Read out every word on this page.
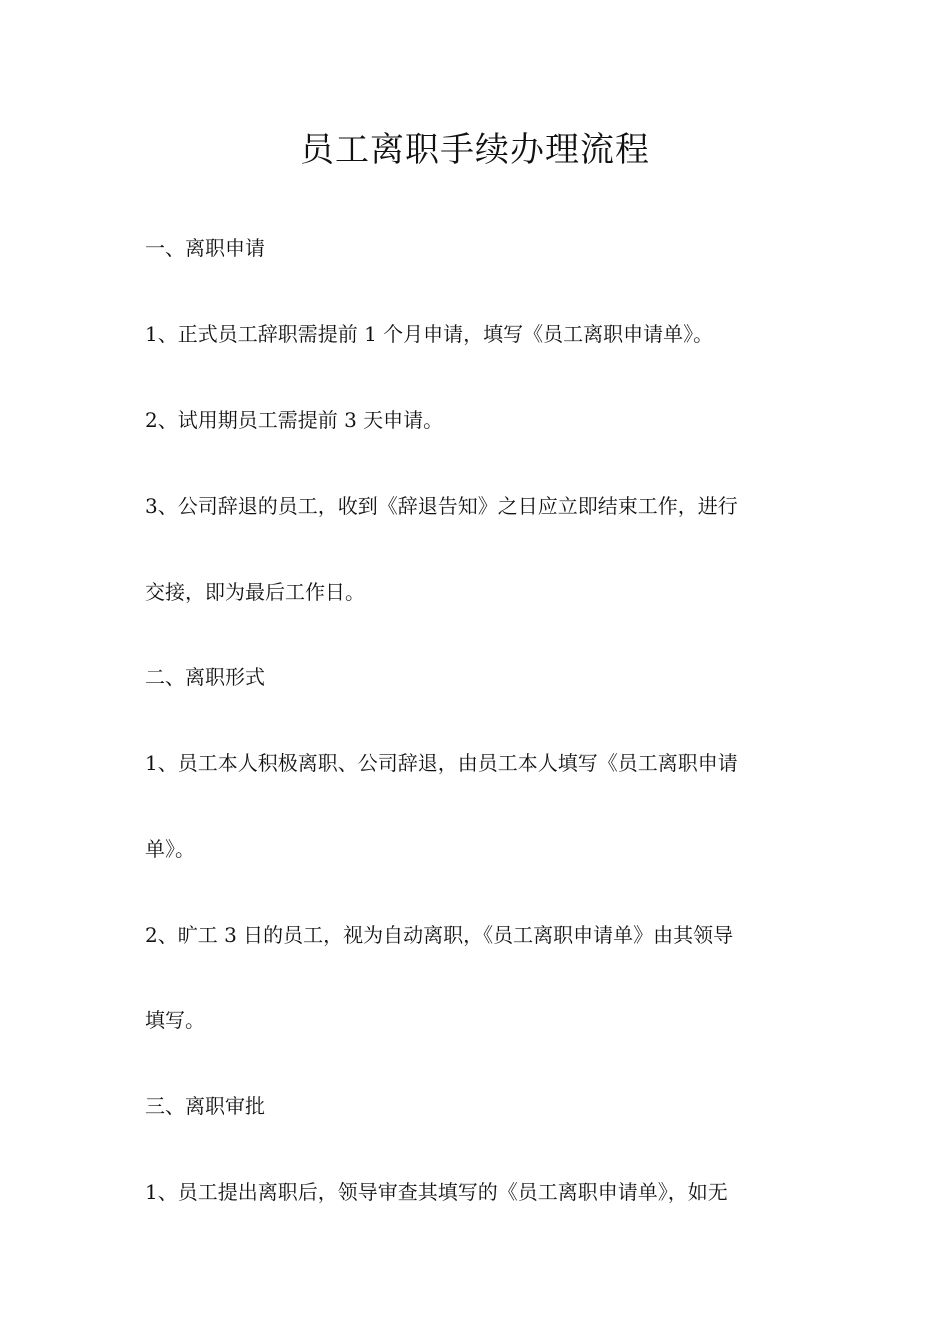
员工离职手续办理流程

一、离职申请

1、正式员工辞职需提前 1 个月申请，填写《员工离职申请单》。

2、试用期员工需提前 3 天申请。

3、公司辞退的员工，收到《辞退告知》之日应立即结束工作，进行

交接，即为最后工作日。

二、离职形式

1、员工本人积极离职、公司辞退，由员工本人填写《员工离职申请

单》。

2、旷工 3 日的员工，视为自动离职，《员工离职申请单》由其领导

填写。

三、离职审批

1、员工提出离职后，领导审查其填写的《员工离职申请单》，如无
